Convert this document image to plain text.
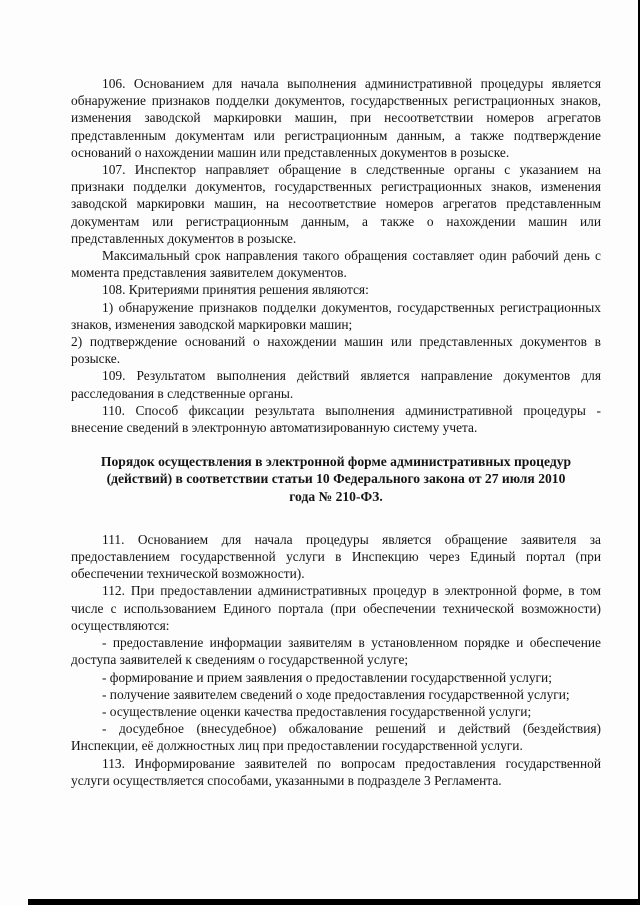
106. Основанием для начала выполнения административной процедуры является обнаружение признаков подделки документов, государственных регистрационных знаков, изменения заводской маркировки машин, при несоответствии номеров агрегатов представленным документам или регистрационным данным, а также подтверждение оснований о нахождении машин или представленных документов в розыске.

107. Инспектор направляет обращение в следственные органы с указанием на признаки подделки документов, государственных регистрационных знаков, изменения заводской маркировки машин, на несоответствие номеров агрегатов представленным документам или регистрационным данным, а также о нахождении машин или представленных документов в розыске.

Максимальный срок направления такого обращения составляет один рабочий день с момента представления заявителем документов.

108. Критериями принятия решения являются:

1) обнаружение признаков подделки документов, государственных регистрационных знаков, изменения заводской маркировки машин;

2) подтверждение оснований о нахождении машин или представленных документов в розыске.

109. Результатом выполнения действий является направление документов для расследования в следственные органы.

110. Способ фиксации результата выполнения административной процедуры - внесение сведений в электронную автоматизированную систему учета.

Порядок осуществления в электронной форме административных процедур (действий) в соответствии статьи 10 Федерального закона от 27 июля 2010 года № 210-ФЗ.

111. Основанием для начала процедуры является обращение заявителя за предоставлением государственной услуги в Инспекцию через Единый портал (при обеспечении технической возможности).

112. При предоставлении административных процедур в электронной форме, в том числе с использованием Единого портала (при обеспечении технической возможности) осуществляются:

- предоставление информации заявителям в установленном порядке и обеспечение доступа заявителей к сведениям о государственной услуге;

- формирование и прием заявления о предоставлении государственной услуги;

- получение заявителем сведений о ходе предоставления государственной услуги;

- осуществление оценки качества предоставления государственной услуги;

- досудебное (внесудебное) обжалование решений и действий (бездействия) Инспекции, её должностных лиц при предоставлении государственной услуги.

113. Информирование заявителей по вопросам предоставления государственной услуги осуществляется способами, указанными в подразделе 3 Регламента.
